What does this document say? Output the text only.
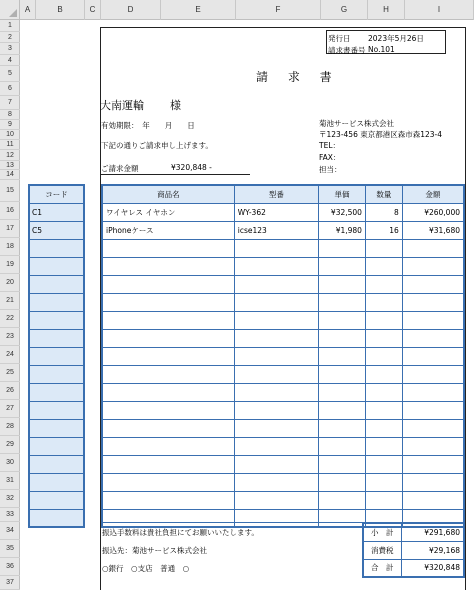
A	B	C	D	E	F	G	H	I
1
2
3
4
5
6
7
8
9
10
11
12
13
14
15
16
17
18
19
20
21
22
23
24
25
26
27
28
29
30
31
32
33
34
35
36
37
発行日 2023年5月26日
請求書番号 No.101
請 求 書
大南運輸 様
有効期限：　年　　月　　日
下記の通りご請求申し上げます。
ご請求金額	¥320,848 -
菊池サービス株式会社
〒123-456 東京都港区森市森123-4
TEL：
FAX：
担当：
コード
C1
C5

商品名	型番	単価	数量	金額
ワイヤレス イヤホン	WY-362	¥32,500	8	¥260,000
iPhoneケース	icse123	¥1,980	16	¥31,680

振込手数料は貴社負担にてお願いいたします。
振込先：菊池サービス株式会社
○銀行　○支店　普通　○
小　計	¥291,680
消費税	¥29,168
合　計	¥320,848
